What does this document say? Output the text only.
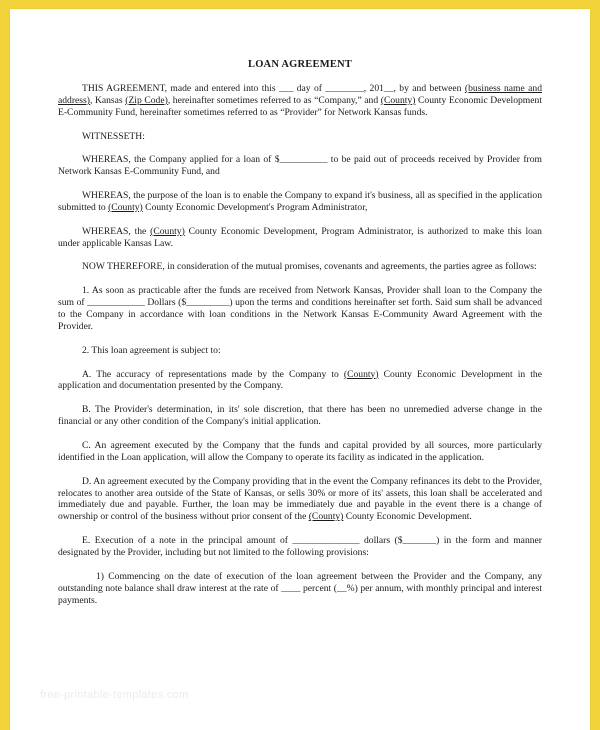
LOAN AGREEMENT

THIS AGREEMENT, made and entered into this ___ day of ________, 201__, by and between (business name and address), Kansas (Zip Code), hereinafter sometimes referred to as “Company,” and (County) County Economic Development E-Community Fund, hereinafter sometimes referred to as “Provider” for Network Kansas funds.

WITNESSETH:

WHEREAS, the Company applied for a loan of $__________ to be paid out of proceeds received by Provider from Network Kansas E-Community Fund, and

WHEREAS, the purpose of the loan is to enable the Company to expand it's business, all as specified in the application submitted to (County) County Economic Development's Program Administrator,

WHEREAS, the (County) County Economic Development, Program Administrator, is authorized to make this loan under applicable Kansas Law.

NOW THEREFORE, in consideration of the mutual promises, covenants and agreements, the parties agree as follows:

1. As soon as practicable after the funds are received from Network Kansas, Provider shall loan to the Company the sum of ____________ Dollars ($_________) upon the terms and conditions hereinafter set forth. Said sum shall be advanced to the Company in accordance with loan conditions in the Network Kansas E-Community Award Agreement with the Provider.

2. This loan agreement is subject to:

A. The accuracy of representations made by the Company to (County) County Economic Development in the application and documentation presented by the Company.

B. The Provider's determination, in its' sole discretion, that there has been no unremedied adverse change in the financial or any other condition of the Company's initial application.

C. An agreement executed by the Company that the funds and capital provided by all sources, more particularly identified in the Loan application, will allow the Company to operate its facility as indicated in the application.

D. An agreement executed by the Company providing that in the event the Company refinances its debt to the Provider, relocates to another area outside of the State of Kansas, or sells 30% or more of its' assets, this loan shall be accelerated and immediately due and payable. Further, the loan may be immediately due and payable in the event there is a change of ownership or control of the business without prior consent of the (County) County Economic Development.

E. Execution of a note in the principal amount of ______________ dollars ($_______) in the form and manner designated by the Provider, including but not limited to the following provisions:

1) Commencing on the date of execution of the loan agreement between the Provider and the Company, any outstanding note balance shall draw interest at the rate of ____ percent (__%) per annum, with monthly principal and interest payments.

free-printable-templates.com
